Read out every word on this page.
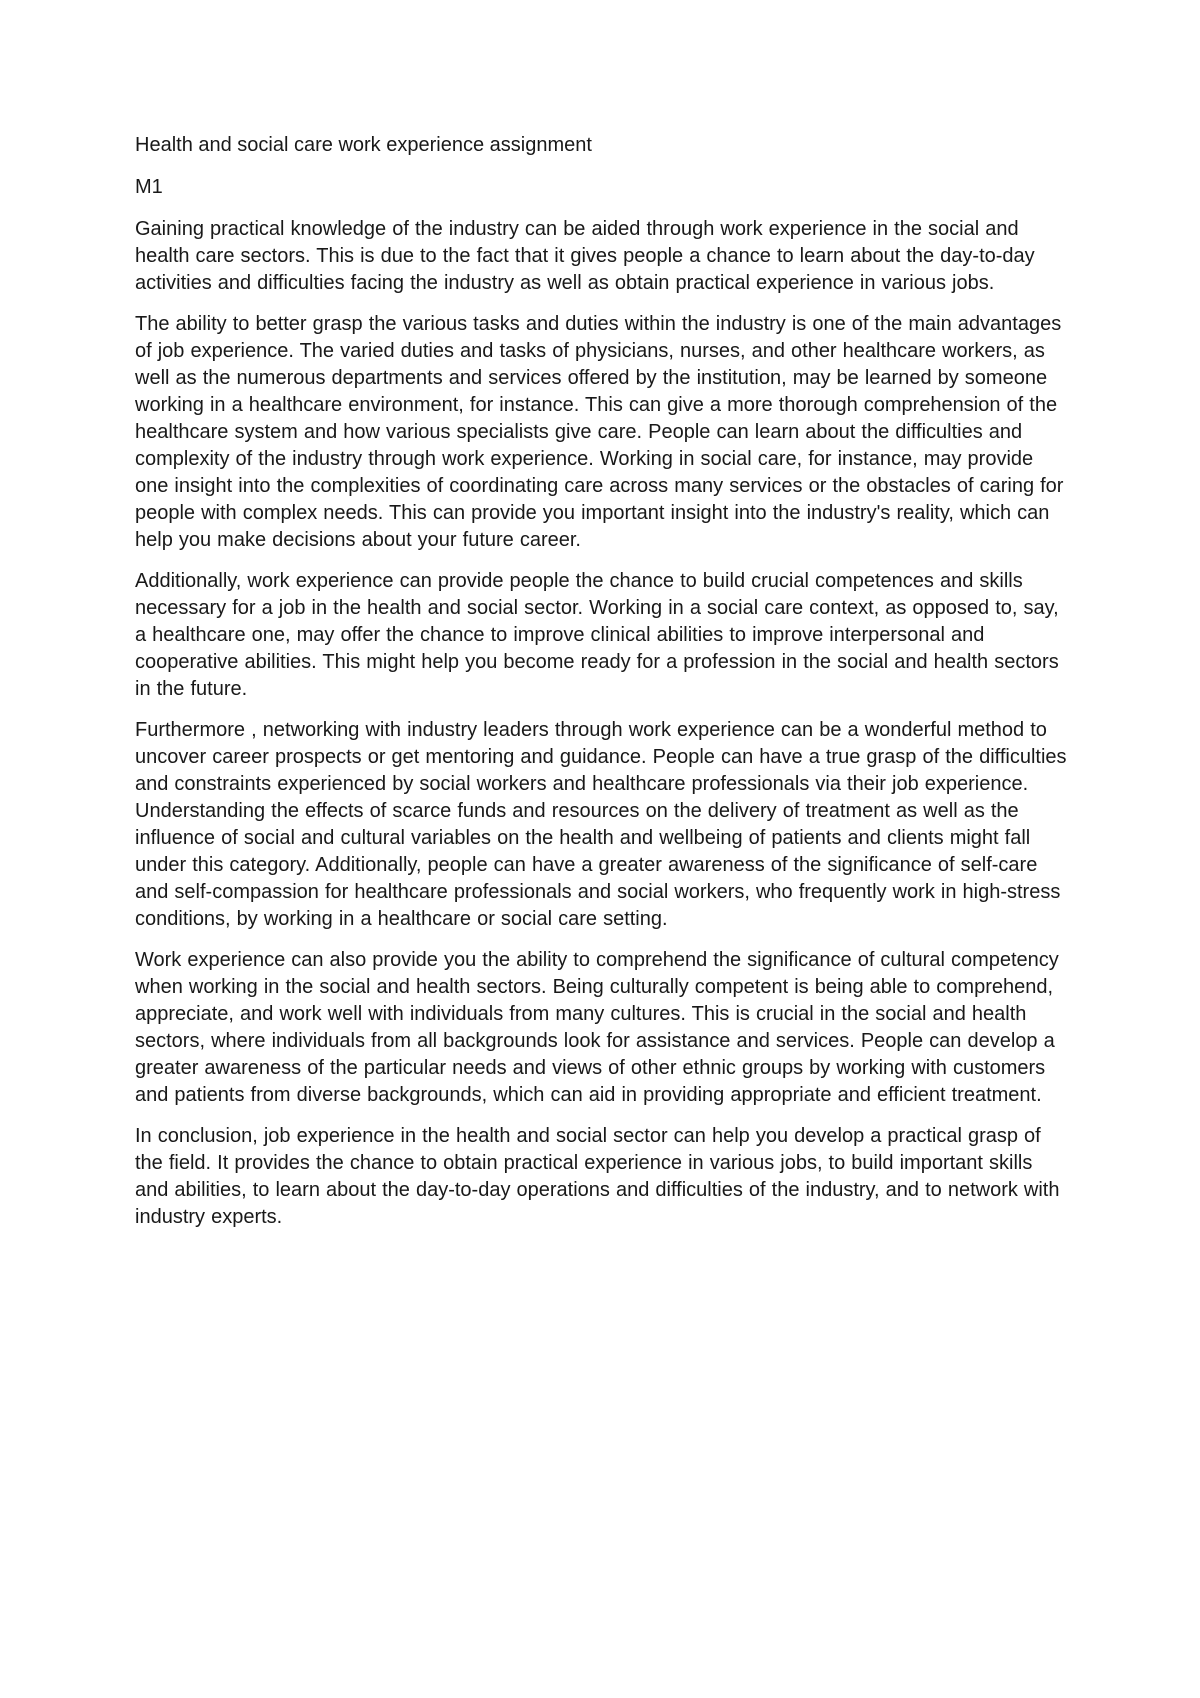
Health and social care work experience assignment

M1

Gaining practical knowledge of the industry can be aided through work experience in the social and health care sectors. This is due to the fact that it gives people a chance to learn about the day-to-day activities and difficulties facing the industry as well as obtain practical experience in various jobs.

The ability to better grasp the various tasks and duties within the industry is one of the main advantages of job experience. The varied duties and tasks of physicians, nurses, and other healthcare workers, as well as the numerous departments and services offered by the institution, may be learned by someone working in a healthcare environment, for instance. This can give a more thorough comprehension of the healthcare system and how various specialists give care. People can learn about the difficulties and complexity of the industry through work experience. Working in social care, for instance, may provide one insight into the complexities of coordinating care across many services or the obstacles of caring for people with complex needs. This can provide you important insight into the industry's reality, which can help you make decisions about your future career.

Additionally, work experience can provide people the chance to build crucial competences and skills necessary for a job in the health and social sector. Working in a social care context, as opposed to, say, a healthcare one, may offer the chance to improve clinical abilities to improve interpersonal and cooperative abilities. This might help you become ready for a profession in the social and health sectors in the future.

Furthermore , networking with industry leaders through work experience can be a wonderful method to uncover career prospects or get mentoring and guidance. People can have a true grasp of the difficulties and constraints experienced by social workers and healthcare professionals via their job experience. Understanding the effects of scarce funds and resources on the delivery of treatment as well as the influence of social and cultural variables on the health and wellbeing of patients and clients might fall under this category. Additionally, people can have a greater awareness of the significance of self-care and self-compassion for healthcare professionals and social workers, who frequently work in high-stress conditions, by working in a healthcare or social care setting.

Work experience can also provide you the ability to comprehend the significance of cultural competency when working in the social and health sectors. Being culturally competent is being able to comprehend, appreciate, and work well with individuals from many cultures. This is crucial in the social and health sectors, where individuals from all backgrounds look for assistance and services. People can develop a greater awareness of the particular needs and views of other ethnic groups by working with customers and patients from diverse backgrounds, which can aid in providing appropriate and efficient treatment.

In conclusion, job experience in the health and social sector can help you develop a practical grasp of the field. It provides the chance to obtain practical experience in various jobs, to build important skills and abilities, to learn about the day-to-day operations and difficulties of the industry, and to network with industry experts.
